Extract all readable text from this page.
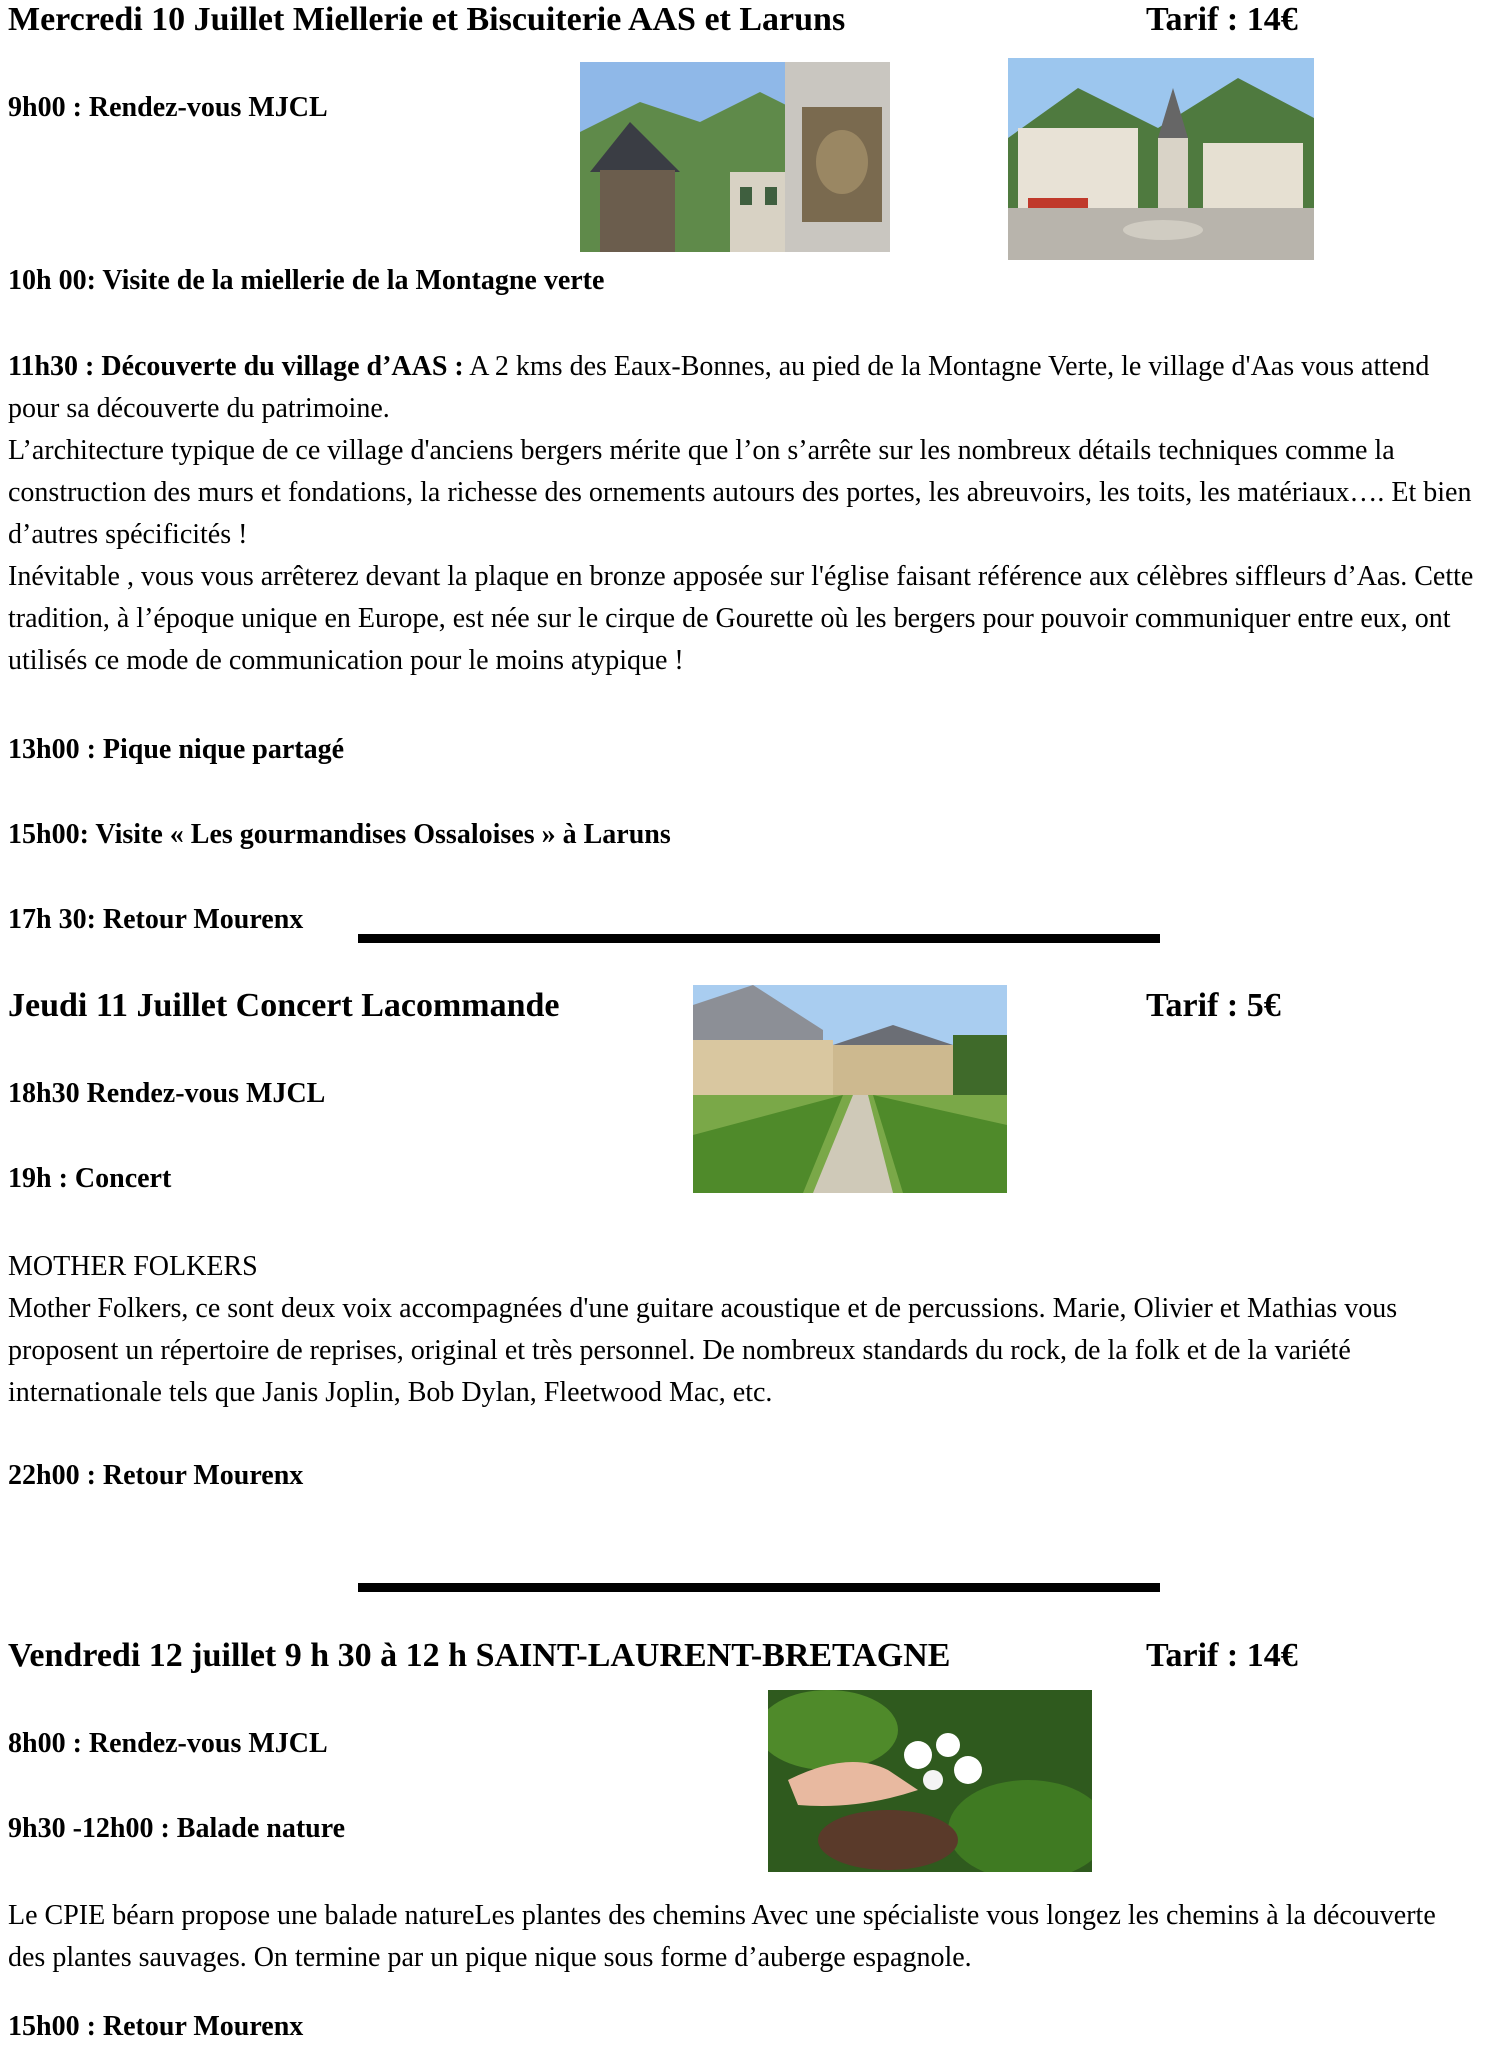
Mercredi 10 Juillet Miellerie et Biscuiterie AAS et Laruns	Tarif : 14€
9h00 : Rendez-vous MJCL
10h 00: Visite de la miellerie de la Montagne verte
11h30 : Découverte du village d’AAS : A 2 kms des Eaux-Bonnes, au pied de la Montagne Verte, le village d'Aas vous attend pour sa découverte du patrimoine.
L’architecture typique de ce village d'anciens bergers mérite que l’on s’arrête sur les nombreux détails techniques comme la construction des murs et fondations, la richesse des ornements autours des portes, les abreuvoirs, les toits, les matériaux…. Et bien d’autres spécificités !
Inévitable , vous vous arrêterez devant la plaque en bronze apposée sur l'église faisant référence aux célèbres siffleurs d’Aas. Cette tradition, à l’époque unique en Europe, est née sur le cirque de Gourette où les bergers pour pouvoir communiquer entre eux, ont utilisés ce mode de communication pour le moins atypique !
13h00 : Pique nique partagé
15h00: Visite « Les gourmandises Ossaloises » à Laruns
17h 30: Retour Mourenx
Jeudi 11 Juillet Concert Lacommande	Tarif : 5€
18h30 Rendez-vous MJCL
19h : Concert
MOTHER FOLKERS
Mother Folkers, ce sont deux voix accompagnées d'une guitare acoustique et de percussions. Marie, Olivier et Mathias vous proposent un répertoire de reprises, original et très personnel. De nombreux standards du rock, de la folk et de la variété internationale tels que Janis Joplin, Bob Dylan, Fleetwood Mac, etc.
22h00 : Retour Mourenx
Vendredi 12 juillet 9 h 30 à 12 h SAINT-LAURENT-BRETAGNE	Tarif : 14€
8h00 : Rendez-vous MJCL
9h30 -12h00 : Balade nature
Le CPIE béarn propose une balade natureLes plantes des chemins Avec une spécialiste vous longez les chemins à la découverte des plantes sauvages. On termine par un pique nique sous forme d’auberge espagnole.
15h00 : Retour Mourenx
